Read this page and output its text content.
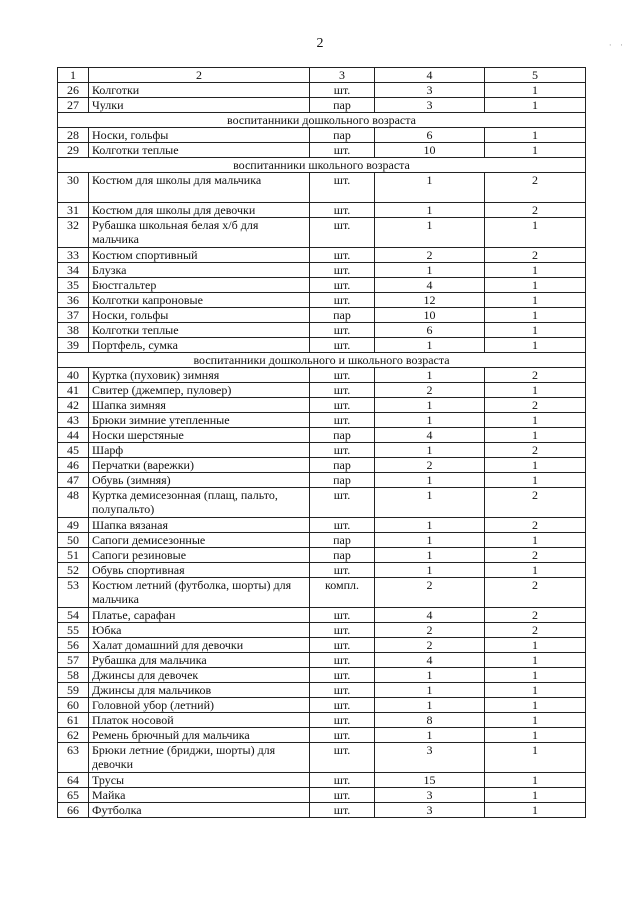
2	· ·
1	2	3	4	5
26	Колготки	шт.	3	1
27	Чулки	пар	3	1
воспитанники дошкольного возраста				
28	Носки, гольфы	пар	6	1
29	Колготки теплые	шт.	10	1
воспитанники школьного возраста				
30	Костюм для школы для мальчика	шт.	1	2
31	Костюм для школы для девочки	шт.	1	2
32	Рубашка школьная белая х/б для мальчика	шт.	1	1
33	Костюм спортивный	шт.	2	2
34	Блузка	шт.	1	1
35	Бюстгальтер	шт.	4	1
36	Колготки капроновые	шт.	12	1
37	Носки, гольфы	пар	10	1
38	Колготки теплые	шт.	6	1
39	Портфель, сумка	шт.	1	1
воспитанники дошкольного и школьного возраста				
40	Куртка (пуховик) зимняя	шт.	1	2
41	Свитер (джемпер, пуловер)	шт.	2	1
42	Шапка зимняя	шт.	1	2
43	Брюки зимние утепленные	шт.	1	1
44	Носки шерстяные	пар	4	1
45	Шарф	шт.	1	2
46	Перчатки (варежки)	пар	2	1
47	Обувь (зимняя)	пар	1	1
48	Куртка демисезонная (плащ, пальто, полупальто)	шт.	1	2
49	Шапка вязаная	шт.	1	2
50	Сапоги демисезонные	пар	1	1
51	Сапоги резиновые	пар	1	2
52	Обувь спортивная	шт.	1	1
53	Костюм летний (футболка, шорты) для мальчика	компл.	2	2
54	Платье, сарафан	шт.	4	2
55	Юбка	шт.	2	2
56	Халат домашний для девочки	шт.	2	1
57	Рубашка для мальчика	шт.	4	1
58	Джинсы для девочек	шт.	1	1
59	Джинсы для мальчиков	шт.	1	1
60	Головной убор (летний)	шт.	1	1
61	Платок носовой	шт.	8	1
62	Ремень брючный для мальчика	шт.	1	1
63	Брюки летние (бриджи, шорты) для девочки	шт.	3	1
64	Трусы	шт.	15	1
65	Майка	шт.	3	1
66	Футболка	шт.	3	1
